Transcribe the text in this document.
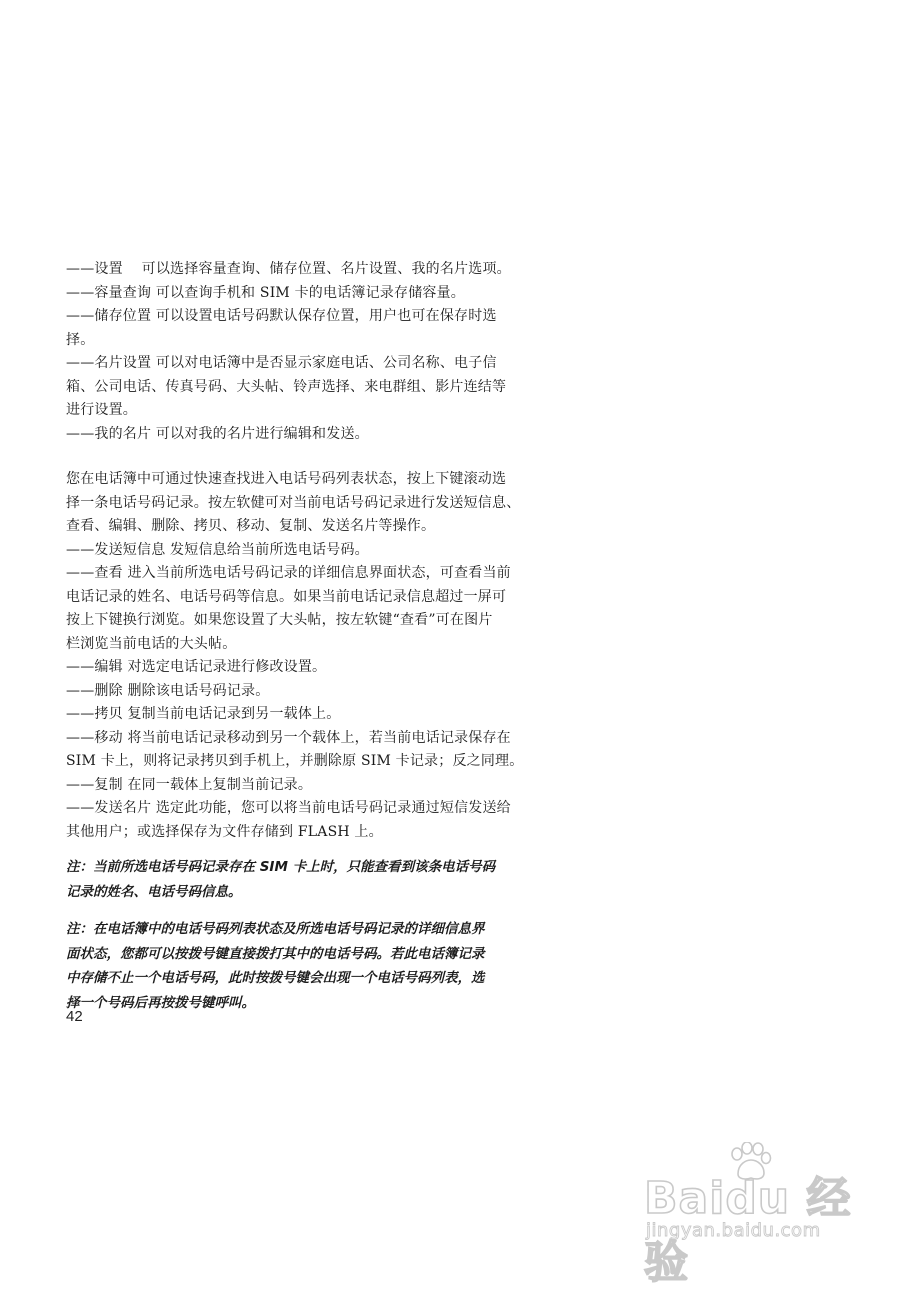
——设置　 可以选择容量查询、储存位置、名片设置、我的名片选项。

——容量查询 可以查询手机和 SIM 卡的电话簿记录存储容量。

——储存位置 可以设置电话号码默认保存位置，用户也可在保存时选

择。

——名片设置 可以对电话簿中是否显示家庭电话、公司名称、电子信

箱、公司电话、传真号码、大头帖、铃声选择、来电群组、影片连结等

进行设置。

——我的名片 可以对我的名片进行编辑和发送。

您在电话簿中可通过快速查找进入电话号码列表状态，按上下键滚动选

择一条电话号码记录。按左软健可对当前电话号码记录进行发送短信息、

查看、编辑、删除、拷贝、移动、复制、发送名片等操作。

——发送短信息 发短信息给当前所选电话号码。

——查看 进入当前所选电话号码记录的详细信息界面状态，可查看当前

电话记录的姓名、电话号码等信息。如果当前电话记录信息超过一屏可

按上下键换行浏览。如果您设置了大头帖，按左软键“查看”可在图片

栏浏览当前电话的大头帖。

——编辑 对选定电话记录进行修改设置。

——删除 删除该电话号码记录。

——拷贝 复制当前电话记录到另一载体上。

——移动 将当前电话记录移动到另一个载体上，若当前电话记录保存在

SIM 卡上，则将记录拷贝到手机上，并删除原 SIM 卡记录；反之同理。

——复制 在同一载体上复制当前记录。

——发送名片 选定此功能，您可以将当前电话号码记录通过短信发送给

其他用户；或选择保存为文件存储到 FLASH 上。

注：当前所选电话号码记录存在 SIM 卡上时，只能查看到该条电话号码

记录的姓名、电话号码信息。

注：在电话簿中的电话号码列表状态及所选电话号码记录的详细信息界

面状态，您都可以按拨号键直接拨打其中的电话号码。若此电话簿记录

中存储不止一个电话号码，此时按拨号键会出现一个电话号码列表，选

择一个号码后再按拨号键呼叫。

42
Baidu 经验
jingyan.baidu.com
